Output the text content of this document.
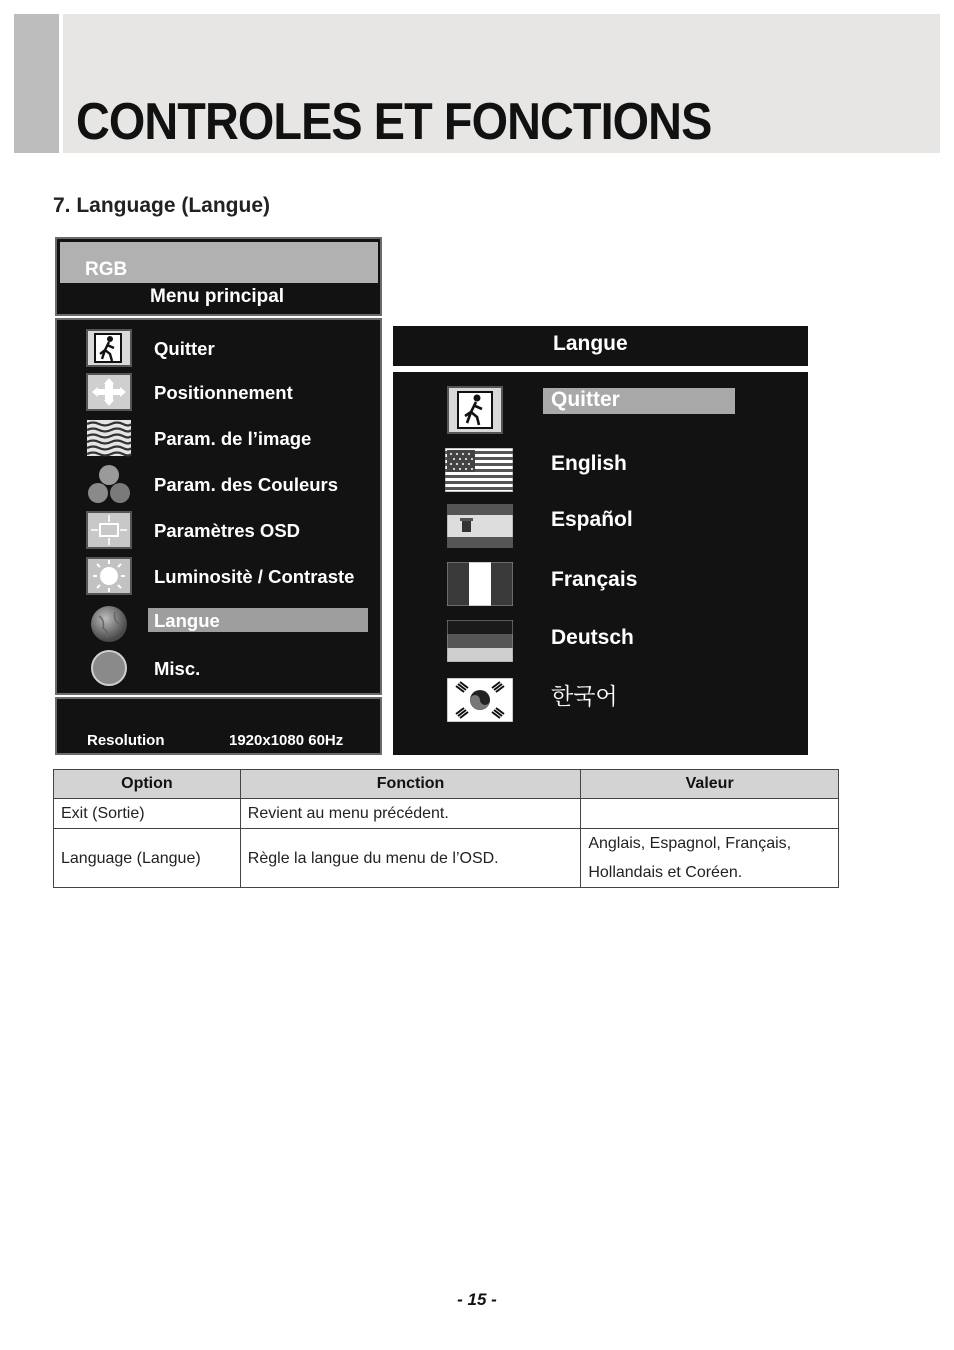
CONTROLES ET FONCTIONS
7. Language (Langue)
RGB
Menu principal
Quitter
Positionnement
Param. de l’image
Param. des Couleurs
Paramètres OSD
Luminositè / Contraste
Langue
Misc.
Resolution	1920x1080 60Hz
Langue
Quitter
English
Español
Français
Deutsch
한국어
Option	Fonction	Valeur
Exit (Sortie)	Revient au menu précédent.	
Language (Langue)	Règle la langue du menu de l’OSD.	Anglais, Espagnol, Français, Hollandais et Coréen.
- 15 -
